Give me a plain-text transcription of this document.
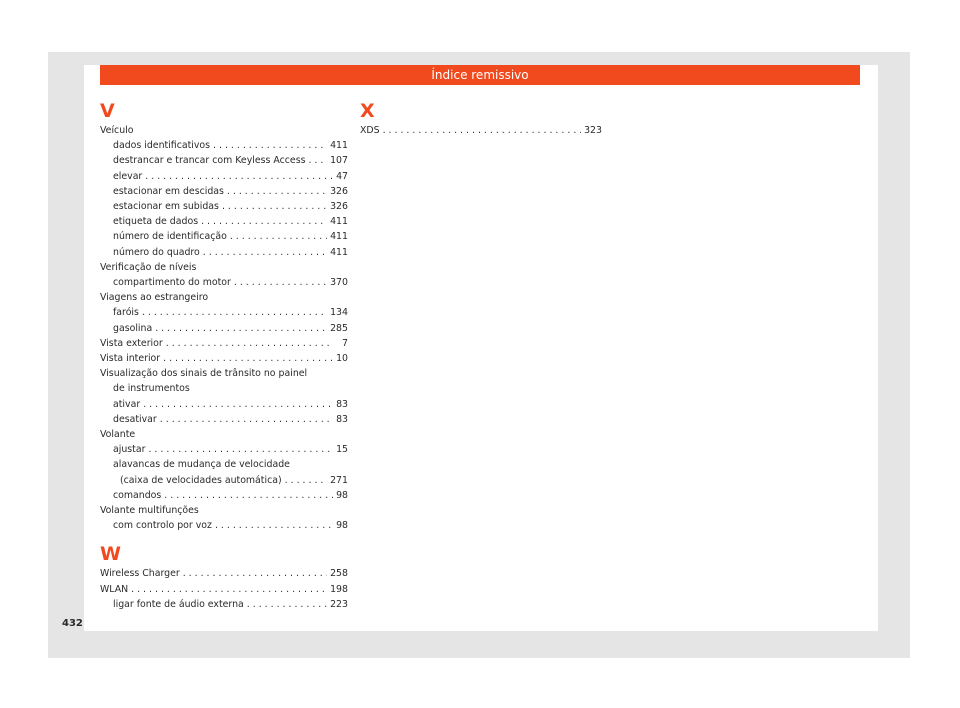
Índice remissivo
V
Veículo
dados identificativos . . .	411
destrancar e trancar com Keyless Access . . .	107
elevar . . .	47
estacionar em descidas . . .	326
estacionar em subidas . . .	326
etiqueta de dados . . .	411
número de identificação . . .	411
número do quadro . . .	411
Verificação de níveis
compartimento do motor . . .	370
Viagens ao estrangeiro
faróis . . .	134
gasolina . . .	285
Vista exterior . . .	7
Vista interior . . .	10
Visualização dos sinais de trânsito no painel
de instrumentos
ativar . . .	83
desativar . . .	83
Volante
ajustar . . .	15
alavancas de mudança de velocidade
(caixa de velocidades automática) . . .	271
comandos . . .	98
Volante multifunções
com controlo por voz . . .	98
W
Wireless Charger . . .	258
WLAN . . .	198
ligar fonte de áudio externa . . .	223
X
XDS . . .	323
432
